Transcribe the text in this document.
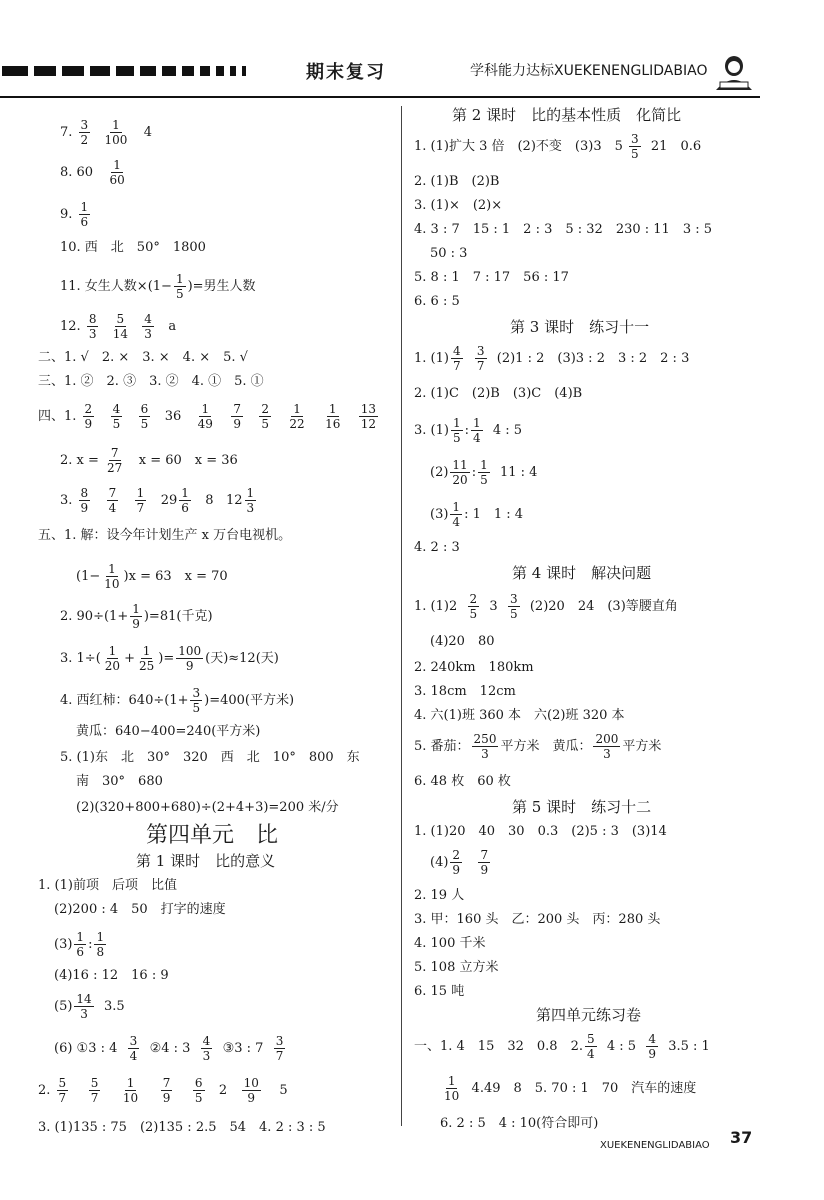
期末复习	学科能力达标XUEKENENGLIDABIAO
7. $\frac{3}{2}$
$\frac{1}{100} 4$
8. $60 \frac{1}{60}$
9. $\frac{1}{6}$
10. 西　北　50°　1800
11. 女生人数$\times(1- \frac{1}{5}$ )=男生人数
12. $\frac{8}{3}$
$\frac{5}{14}$
$\frac{4}{3}$ a
二、1. √　2. ×　3. ×　4. ×　5. √
三、1. ②　2. ③　3. ②　4. ①　5. ①
四、1. $\frac{2}{9}$
$\frac{4}{5}$
$\frac{6}{5} 36 \frac{1}{49}$
$\frac{7}{9}$
$\frac{2}{5}$
$\frac{1}{22}$
$\frac{1}{16}$
$\frac{13}{12}$
2. $x = \frac{7}{27}$ x = 60　x = 36
3. $\frac{8}{9}$
$\frac{7}{4}$
$\frac{1}{7} 29 \frac{1}{6} 8$ $12 \frac{1}{3}$
五、1. 解：设今年计划生产 x 万台电视机。
$(1- \frac{1}{10} )x = 63$　x = 70
2. $90\div(1+ \frac{1}{9} )=81$(千克)
3. $1\div( \frac{1}{20} + \frac{1}{25}$ )= $\frac{100}{9}$ (天)≈12(天)
4. 西红柿：$640\div(1+ \frac{3}{5} )=400$(平方米)
黄瓜：640−400=240(平方米)
5. (1)东　北　30°　320　西　北　10°　800　东
南　30°　680
(2)(320+800+680)÷(2+4+3)=200 米/分
第四单元　比
第 1 课时　比的意义
1. (1)前项　后项　比值
(2)200 : 4　50　打字的速度
$(3) \frac{1}{6}$ : $\frac{1}{8}$
(4)16 : 12　16 : 9
$(5) \frac{14}{3} 3.5$
(6) ①3 : $4 \frac{3}{4}$ ②4 : $3 \frac{4}{3}$ ③3 : $7 \frac{3}{7}$
2. $\frac{5}{7}$
$\frac{5}{7}$
$\frac{1}{10}$
$\frac{7}{9}$
$\frac{6}{5} 2 \frac{10}{9} 5$
3. (1)135 : 75　(2)135 : 2.5　54　4. 2 : 3 : 5
第 2 课时　比的基本性质　化简比
1. (1)扩大 3 倍　(2)不变　(3)3　$5 \frac{3}{5} 21$　0.6
2. (1)B　(2)B
3. (1)×　(2)×
4. 3 : 7　15 : 1　2 : 3　5 : 32　230 : 11　3 : 5
50 : 3
5. 8 : 1　7 : 17　56 : 17
6. 6 : 5
第 3 课时　练习十一
1. $(1) \frac{4}{7}$
$\frac{3}{7} (2)1$ : 2　(3)3 : 2　3 : 2　2 : 3
2. (1)C　(2)B　(3)C　(4)B
3. $(1) \frac{1}{5}$ : $\frac{1}{4} 4$ : 5
$(2) \frac{11}{20}$ : $\frac{1}{5} 11$ : 4
$(3) \frac{1}{4}$ : 1　1 : 4
4. 2 : 3
第 4 课时　解决问题
1. $(1)2 \frac{2}{5} 3 \frac{3}{5} (2)20$　24　(3)等腰直角
(4)20　80
2. 240km　180km
3. 18cm　12cm
4. 六(1)班 360 本　六(2)班 320 本
5. 番茄： $\frac{250}{3}$ 平方米　黄瓜： $\frac{200}{3}$ 平方米
6. 48 枚　60 枚
第 5 课时　练习十二
1. (1)20　40　30　0.3　(2)5 : 3　(3)14
$(4) \frac{2}{9}$
$\frac{7}{9}$
2. 19 人
3. 甲：160 头　乙：200 头　丙：280 头
4. 100 千米
5. 108 立方米
6. 15 吨
第四单元练习卷
一、1. 4　15　32　0.8　2. $\frac{5}{4} 4$ : $5 \frac{4}{9} 3.5$ : 1
$\frac{1}{10} 4.49$　8　5. 70 : 1　70　汽车的速度
6. 2 : 5　4 : 10(符合即可)
XUEKENENGLIDABIAO 37
